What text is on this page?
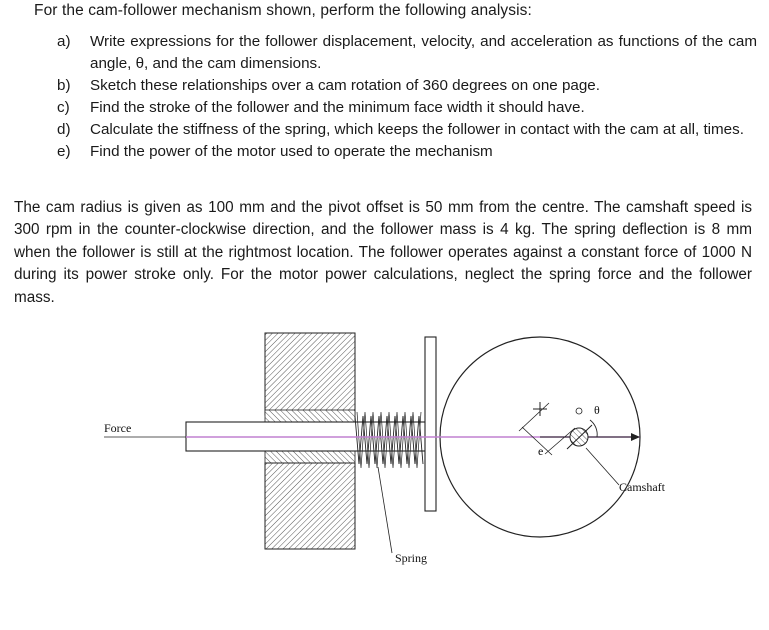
For the cam-follower mechanism shown, perform the following analysis:
a)	Write expressions for the follower displacement, velocity, and acceleration as functions of the cam angle, θ, and the cam dimensions.
b)	Sketch these relationships over a cam rotation of 360 degrees on one page.
c)	Find the stroke of the follower and the minimum face width it should have.
d)	Calculate the stiffness of the spring, which keeps the follower in contact with the cam at all, times.
e)	Find the power of the motor used to operate the mechanism
The cam radius is given as 100 mm and the pivot offset is 50 mm from the centre. The camshaft speed is 300 rpm in the counter-clockwise direction, and the follower mass is 4 kg. The spring deflection is 8 mm when the follower is still at the rightmost location. The follower operates against a constant force of 1000 N during its power stroke only. For the motor power calculations, neglect the spring force and the follower mass.
Force
e
θ
Camshaft
Spring
